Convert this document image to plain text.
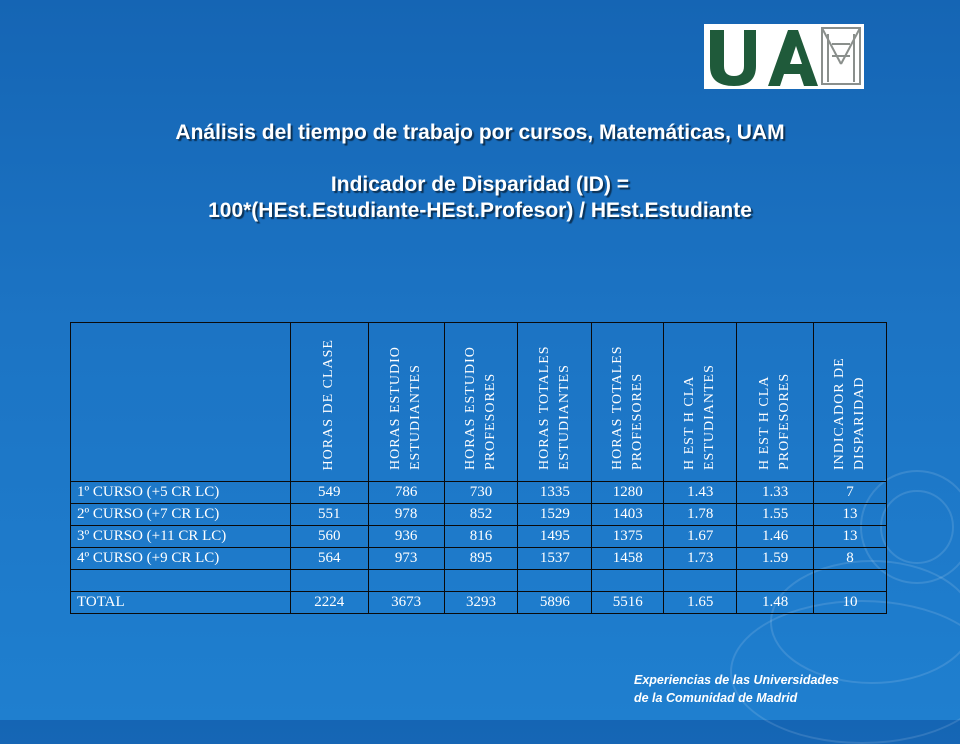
Análisis del tiempo de trabajo por cursos, Matemáticas, UAM
Indicador de Disparidad (ID) =
100*(HEst.Estudiante-HEst.Profesor) / HEst.Estudiante
	HORAS DE CLASE	HORAS ESTUDIO ESTUDIANTES	HORAS ESTUDIO PROFESORES	HORAS TOTALES ESTUDIANTES	HORAS TOTALES PROFESORES	H EST H CLA ESTUDIANTES	H EST H CLA PROFESORES	INDICADOR DE DISPARIDAD
1º CURSO (+5 CR LC)	549	786	730	1335	1280	1.43	1.33	7
2º CURSO (+7 CR LC)	551	978	852	1529	1403	1.78	1.55	13
3º CURSO (+11 CR LC)	560	936	816	1495	1375	1.67	1.46	13
4º CURSO (+9 CR LC)	564	973	895	1537	1458	1.73	1.59	8

TOTAL	2224	3673	3293	5896	5516	1.65	1.48	10
Experiencias de las Universidades
de la Comunidad de Madrid
